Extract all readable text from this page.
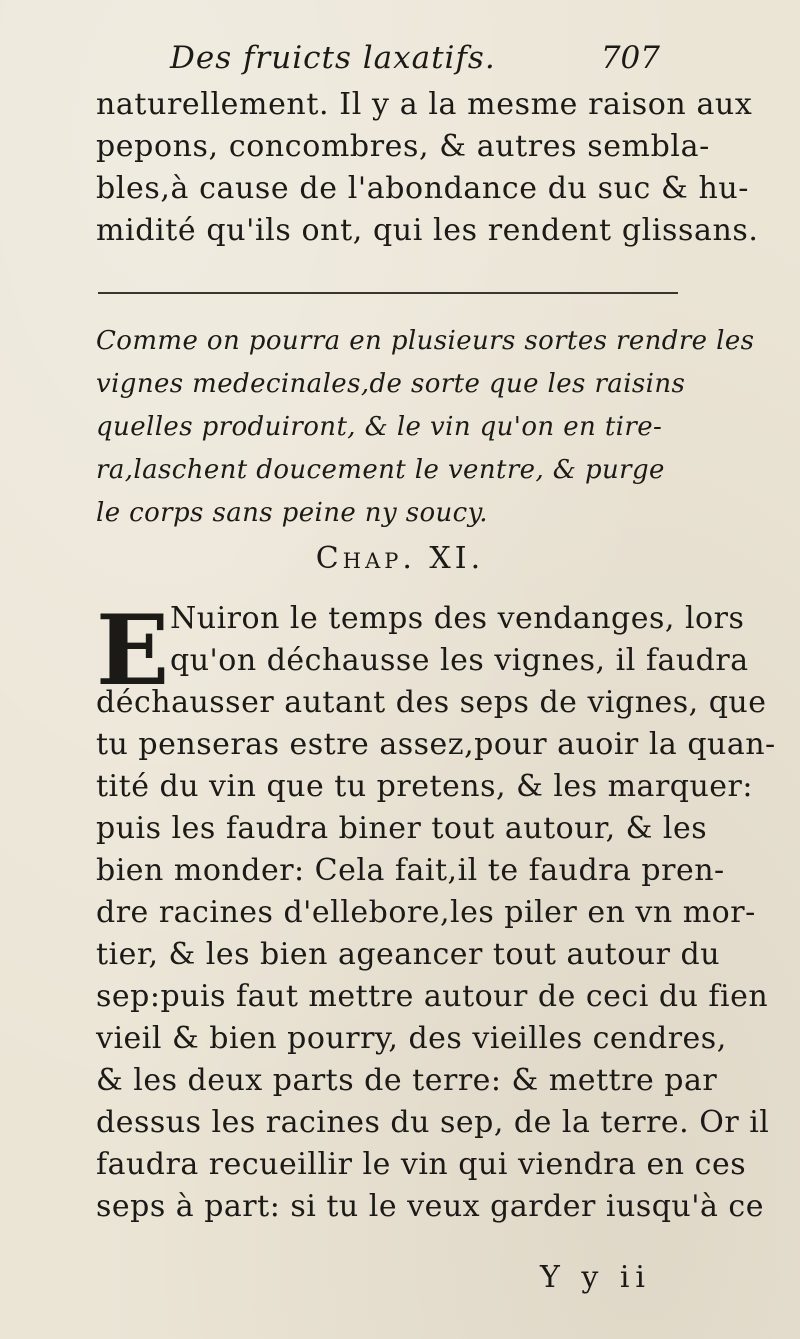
Des fruicts laxatifs.	707
naturellement. Il y a la mesme raison aux
pepons, concombres, & autres sembla-
bles,à cause de l'abondance du suc & hu-
midité qu'ils ont, qui les rendent glissans.
Comme on pourra en plusieurs sortes rendre les
vignes medecinales,de sorte que les raisins
quelles produiront, & le vin qu'on en tire-
ra,laschent doucement le ventre, & purge
le corps sans peine ny soucy.
Chap. XI.
E Nuiron le temps des vendanges, lors
qu'on déchausse les vignes, il faudra
déchausser autant des seps de vignes, que
tu penseras estre assez,pour auoir la quan-
tité du vin que tu pretens, & les marquer:
puis les faudra biner tout autour, & les
bien monder: Cela fait,il te faudra pren-
dre racines d'ellebore,les piler en vn mor-
tier, & les bien ageancer tout autour du
sep:puis faut mettre autour de ceci du fien
vieil & bien pourry, des vieilles cendres,
& les deux parts de terre: & mettre par
dessus les racines du sep, de la terre. Or il
faudra recueillir le vin qui viendra en ces
seps à part: si tu le veux garder iusqu'à ce
Y y ii
